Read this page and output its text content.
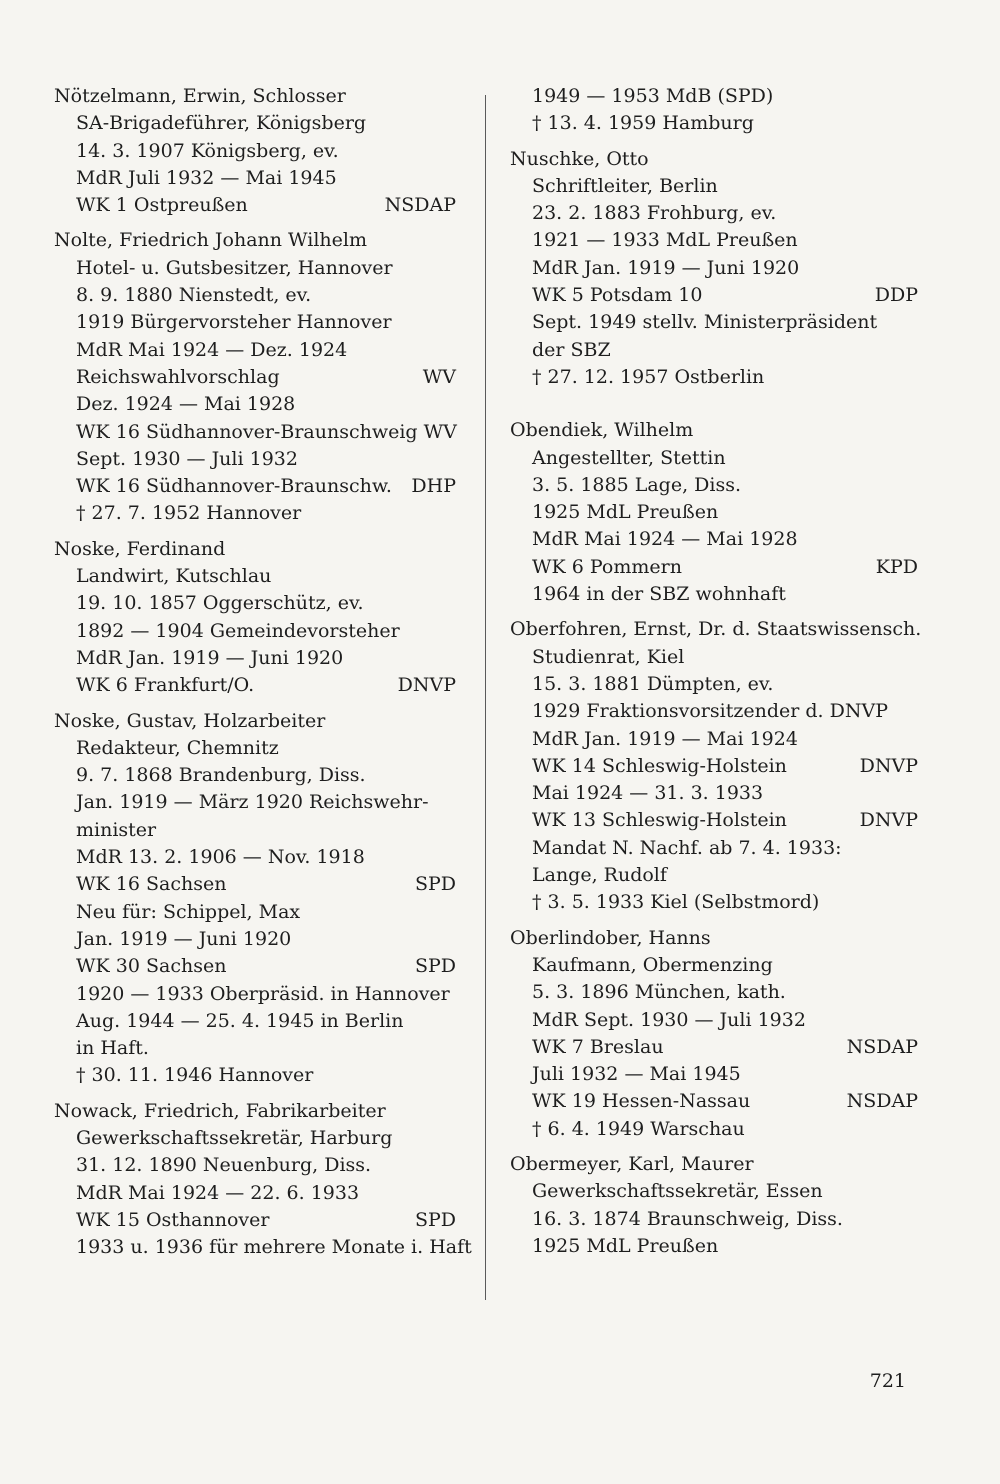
Nötzelmann, Erwin, Schlosser
SA-Brigadeführer, Königsberg
14. 3. 1907 Königsberg, ev.
MdR Juli 1932 — Mai 1945
WK 1 Ostpreußen	NSDAP
Nolte, Friedrich Johann Wilhelm
Hotel- u. Gutsbesitzer, Hannover
8. 9. 1880 Nienstedt, ev.
1919 Bürgervorsteher Hannover
MdR Mai 1924 — Dez. 1924
Reichswahlvorschlag	WV
Dez. 1924 — Mai 1928
WK 16 Südhannover-Braunschweig WV
Sept. 1930 — Juli 1932
WK 16 Südhannover-Braunschw.	DHP
† 27. 7. 1952 Hannover
Noske, Ferdinand
Landwirt, Kutschlau
19. 10. 1857 Oggerschütz, ev.
1892 — 1904 Gemeindevorsteher
MdR Jan. 1919 — Juni 1920
WK 6 Frankfurt/O.	DNVP
Noske, Gustav, Holzarbeiter
Redakteur, Chemnitz
9. 7. 1868 Brandenburg, Diss.
Jan. 1919 — März 1920 Reichswehr-
minister
MdR 13. 2. 1906 — Nov. 1918
WK 16 Sachsen	SPD
Neu für: Schippel, Max
Jan. 1919 — Juni 1920
WK 30 Sachsen	SPD
1920 — 1933 Oberpräsid. in Hannover
Aug. 1944 — 25. 4. 1945 in Berlin
in Haft.
† 30. 11. 1946 Hannover
Nowack, Friedrich, Fabrikarbeiter
Gewerkschaftssekretär, Harburg
31. 12. 1890 Neuenburg, Diss.
MdR Mai 1924 — 22. 6. 1933
WK 15 Osthannover	SPD
1933 u. 1936 für mehrere Monate i. Haft
1949 — 1953 MdB (SPD)
† 13. 4. 1959 Hamburg
Nuschke, Otto
Schriftleiter, Berlin
23. 2. 1883 Frohburg, ev.
1921 — 1933 MdL Preußen
MdR Jan. 1919 — Juni 1920
WK 5 Potsdam 10	DDP
Sept. 1949 stellv. Ministerpräsident
der SBZ
† 27. 12. 1957 Ostberlin
Obendiek, Wilhelm
Angestellter, Stettin
3. 5. 1885 Lage, Diss.
1925 MdL Preußen
MdR Mai 1924 — Mai 1928
WK 6 Pommern	KPD
1964 in der SBZ wohnhaft
Oberfohren, Ernst, Dr. d. Staatswissensch.
Studienrat, Kiel
15. 3. 1881 Dümpten, ev.
1929 Fraktionsvorsitzender d. DNVP
MdR Jan. 1919 — Mai 1924
WK 14 Schleswig-Holstein	DNVP
Mai 1924 — 31. 3. 1933
WK 13 Schleswig-Holstein	DNVP
Mandat N. Nachf. ab 7. 4. 1933:
Lange, Rudolf
† 3. 5. 1933 Kiel (Selbstmord)
Oberlindober, Hanns
Kaufmann, Obermenzing
5. 3. 1896 München, kath.
MdR Sept. 1930 — Juli 1932
WK 7 Breslau	NSDAP
Juli 1932 — Mai 1945
WK 19 Hessen-Nassau	NSDAP
† 6. 4. 1949 Warschau
Obermeyer, Karl, Maurer
Gewerkschaftssekretär, Essen
16. 3. 1874 Braunschweig, Diss.
1925 MdL Preußen
721
